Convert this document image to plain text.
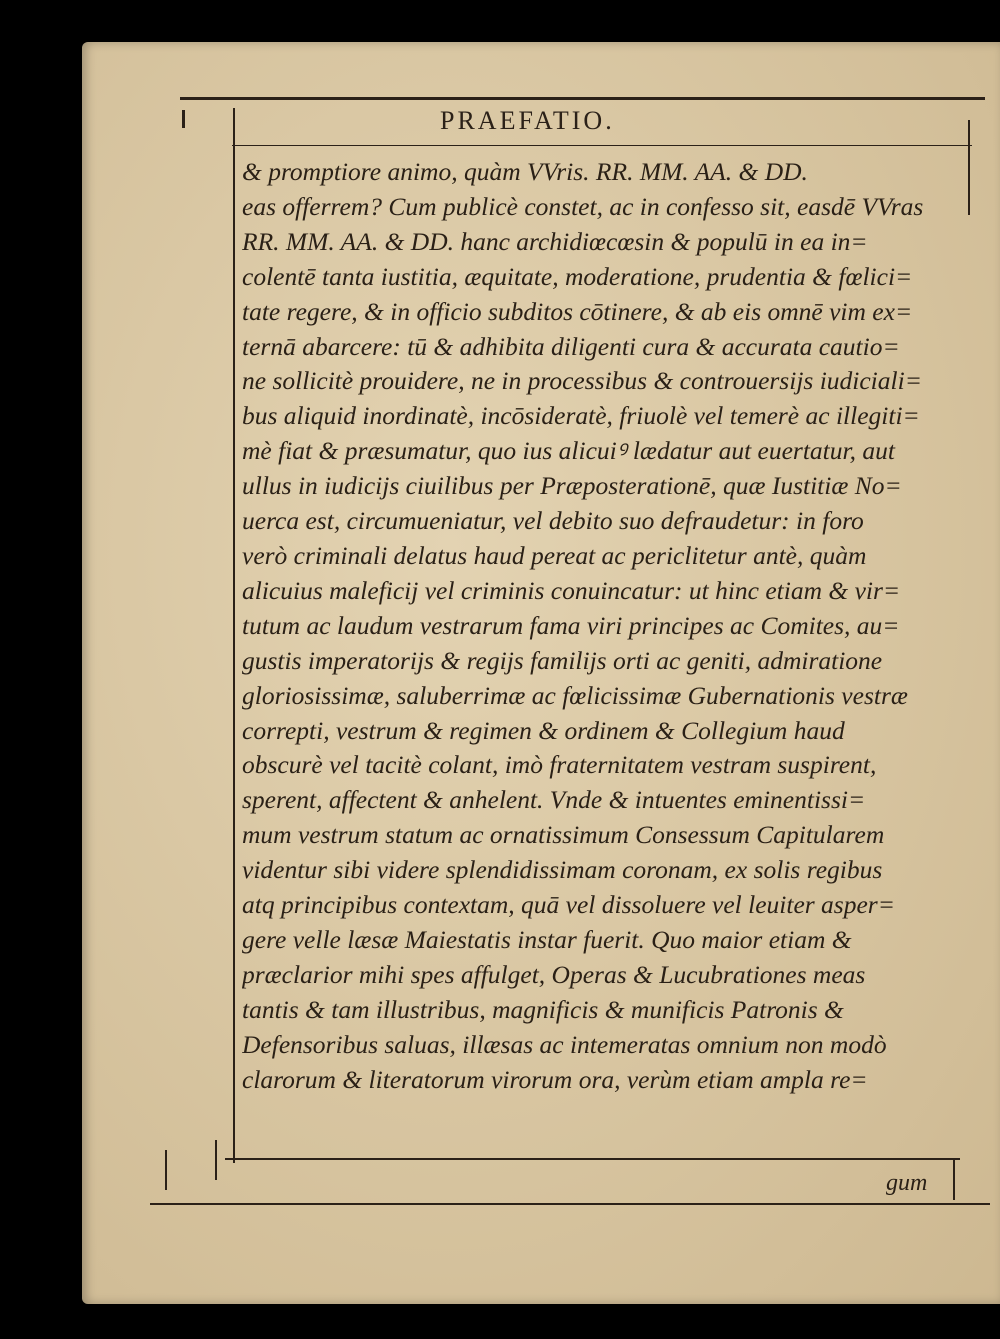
PRAEFATIO.
& promptiore animo, quàm VVris. RR. MM. AA. & DD.
eas offerrem? Cum publicè constet, ac in confesso sit, easdē VVras
RR. MM. AA. & DD. hanc archidiœcœsin & populū in ea in=
colentē tanta iustitia, æquitate, moderatione, prudentia & fœlici=
tate regere, & in officio subditos cōtinere, & ab eis omnē vim ex=
ternā abarcere: tū & adhibita diligenti cura & accurata cautio=
ne sollicitè prouidere, ne in processibus & controuersijs iudiciali=
bus aliquid inordinatè, incōsideratè, friuolè vel temerè ac illegiti=
mè fiat & præsumatur, quo ius alicuiꝰ lædatur aut euertatur, aut
ullus in iudicijs ciuilibus per Præposterationē, quæ Iustitiæ No=
uerca est, circumueniatur, vel debito suo defraudetur: in foro
verò criminali delatus haud pereat ac periclitetur antè, quàm
alicuius maleficij vel criminis conuincatur: ut hinc etiam & vir=
tutum ac laudum vestrarum fama viri principes ac Comites, au=
gustis imperatorijs & regijs familijs orti ac geniti, admiratione
gloriosissimæ, saluberrimæ ac fœlicissimæ Gubernationis vestræ
correpti, vestrum & regimen & ordinem & Collegium haud
obscurè vel tacitè colant, imò fraternitatem vestram suspirent,
sperent, affectent & anhelent. Vnde & intuentes eminentissi=
mum vestrum statum ac ornatissimum Consessum Capitularem
videntur sibi videre splendidissimam coronam, ex solis regibus
atq principibus contextam, quā vel dissoluere vel leuiter asper=
gere velle læsæ Maiestatis instar fuerit. Quo maior etiam &
præclarior mihi spes affulget, Operas & Lucubrationes meas
tantis & tam illustribus, magnificis & munificis Patronis &
Defensoribus saluas, illæsas ac intemeratas omnium non modò
clarorum & literatorum virorum ora, verùm etiam ampla re=
gum
